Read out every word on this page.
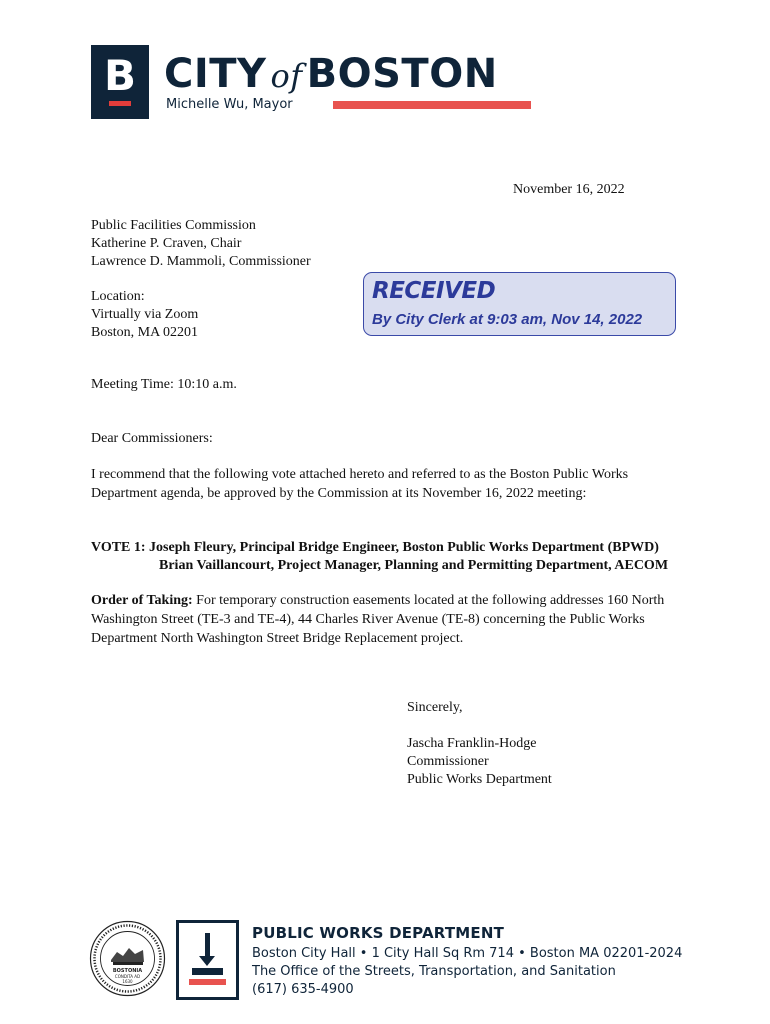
B CITY of BOSTON
Michelle Wu, Mayor
November 16, 2022
Public Facilities Commission
Katherine P. Craven, Chair
Lawrence D. Mammoli, Commissioner
Location:
Virtually via Zoom
Boston, MA 02201
RECEIVED
By City Clerk at 9:03 am, Nov 14, 2022
Meeting Time: 10:10 a.m.
Dear Commissioners:
I recommend that the following vote attached hereto and referred to as the Boston Public Works Department agenda, be approved by the Commission at its November 16, 2022 meeting:
VOTE 1: Joseph Fleury, Principal Bridge Engineer, Boston Public Works Department (BPWD)
Brian Vaillancourt, Project Manager, Planning and Permitting Department, AECOM
Order of Taking: For temporary construction easements located at the following addresses 160 North Washington Street (TE-3 and TE-4), 44 Charles River Avenue (TE-8) concerning the Public Works Department North Washington Street Bridge Replacement project.
Sincerely,
Jascha Franklin-Hodge
Commissioner
Public Works Department
BOSTONIA
CONDITA AD
1630
PUBLIC WORKS DEPARTMENT
Boston City Hall • 1 City Hall Sq Rm 714 • Boston MA 02201-2024
The Office of the Streets, Transportation, and Sanitation
(617) 635-4900
